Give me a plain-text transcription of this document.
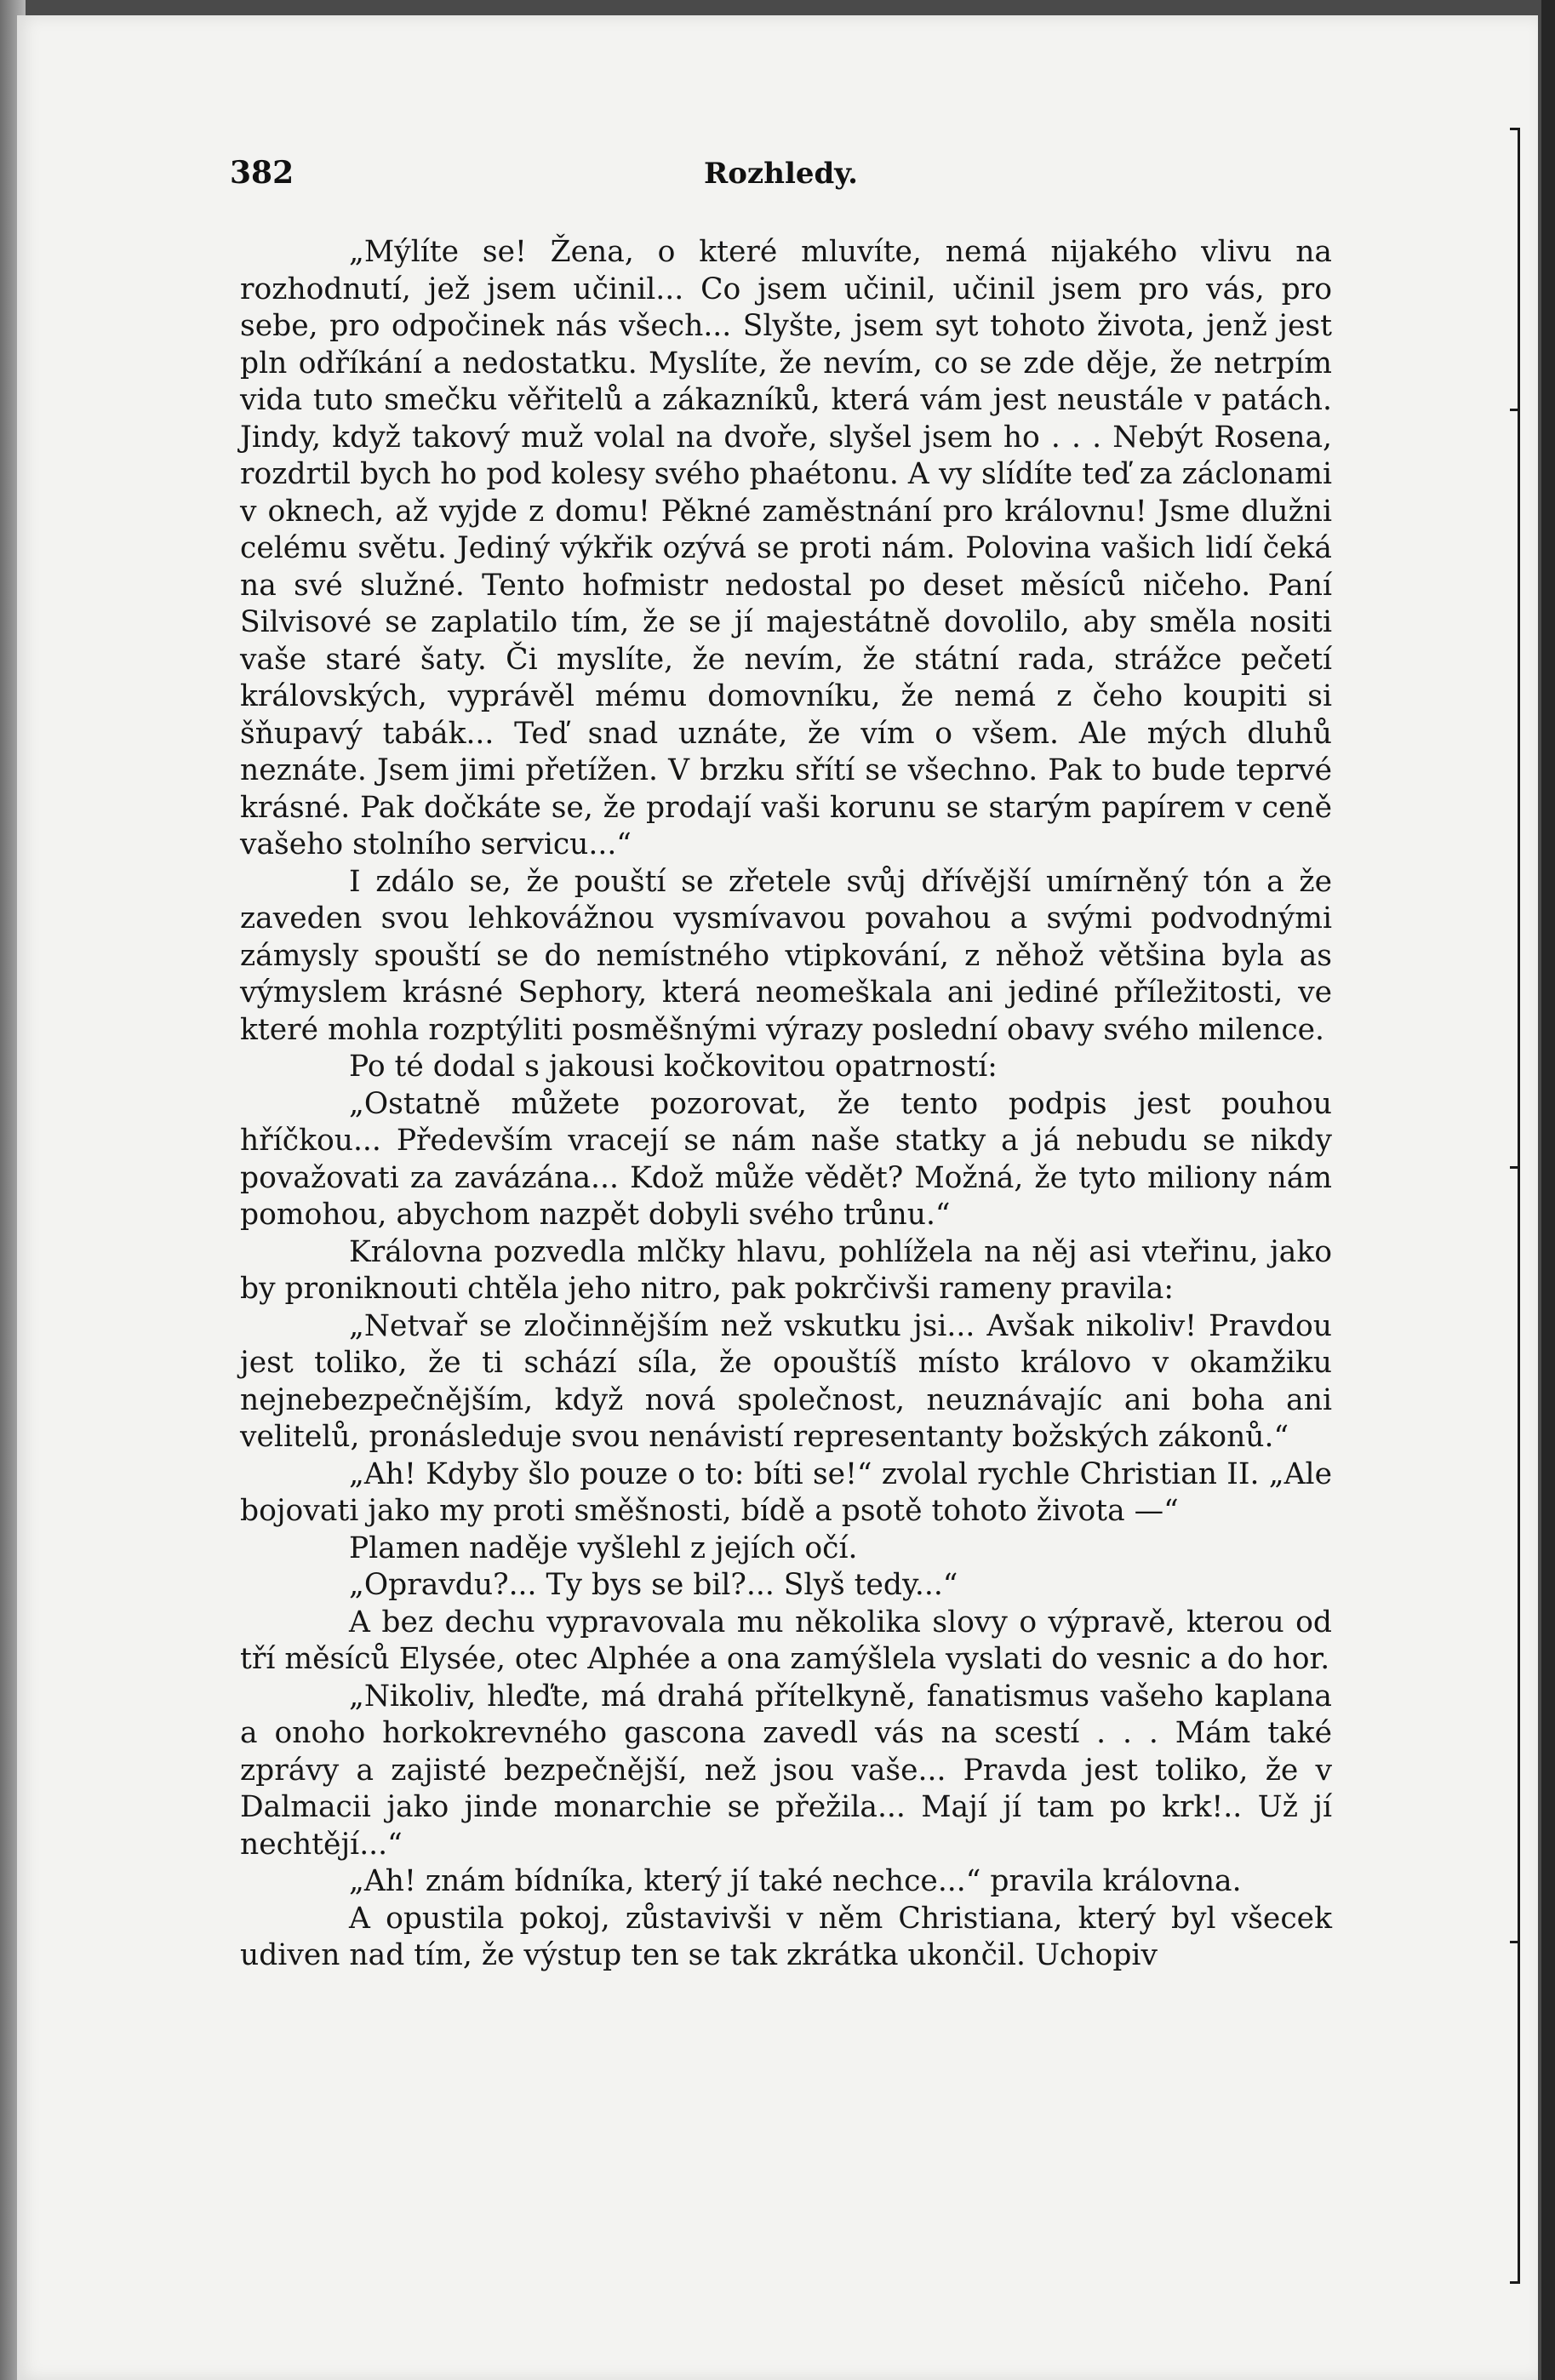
382	Rozhledy.

„Mýlíte se! Žena, o které mluvíte, nemá nijakého vlivu na rozhodnutí, jež jsem učinil... Co jsem učinil, učinil jsem pro vás, pro sebe, pro odpočinek nás všech... Slyšte, jsem syt tohoto života, jenž jest pln odříkání a nedostatku. Myslíte, že nevím, co se zde děje, že netrpím vida tuto smečku věřitelů a zákazníků, která vám jest neustále v patách. Jindy, když takový muž volal na dvoře, slyšel jsem ho . . . Nebýt Rosena, rozdrtil bych ho pod kolesy svého phaétonu. A vy slídíte teď za záclonami v oknech, až vyjde z domu! Pěkné zaměstnání pro královnu! Jsme dlužni celému světu. Jediný výkřik ozývá se proti nám. Polovina vašich lidí čeká na své služné. Tento hofmistr nedostal po deset měsíců ničeho. Paní Silvisové se zaplatilo tím, že se jí majestátně dovolilo, aby směla nositi vaše staré šaty. Či myslíte, že nevím, že státní rada, strážce pečetí královských, vyprávěl mému domovníku, že nemá z čeho koupiti si šňupavý tabák... Teď snad uznáte, že vím o všem. Ale mých dluhů neznáte. Jsem jimi přetížen. V brzku sřítí se všechno. Pak to bude teprvé krásné. Pak dočkáte se, že prodají vaši korunu se starým papírem v ceně vašeho stolního servicu...“

I zdálo se, že pouští se zřetele svůj dřívější umírněný tón a že zaveden svou lehkovážnou vysmívavou povahou a svými podvodnými zámysly spouští se do nemístného vtipkování, z něhož většina byla as výmyslem krásné Sephory, která neomeškala ani jediné příležitosti, ve které mohla rozptýliti posměšnými výrazy poslední obavy svého milence.

Po té dodal s jakousi kočkovitou opatrností:

„Ostatně můžete pozorovat, že tento podpis jest pouhou hříčkou... Především vracejí se nám naše statky a já nebudu se nikdy považovati za zavázána... Kdož může vědět? Možná, že tyto miliony nám pomohou, abychom nazpět dobyli svého trůnu.“

Královna pozvedla mlčky hlavu, pohlížela na něj asi vteřinu, jako by proniknouti chtěla jeho nitro, pak pokrčivši rameny pravila:

„Netvař se zločinnějším než vskutku jsi... Avšak nikoliv! Pravdou jest toliko, že ti schází síla, že opouštíš místo královo v okamžiku nejnebezpečnějším, když nová společnost, neuznávajíc ani boha ani velitelů, pronásleduje svou nenávistí representanty božských zákonů.“

„Ah! Kdyby šlo pouze o to: bíti se!“ zvolal rychle Christian II. „Ale bojovati jako my proti směšnosti, bídě a psotě tohoto života —“

Plamen naděje vyšlehl z jejích očí.

„Opravdu?... Ty bys se bil?... Slyš tedy...“

A bez dechu vypravovala mu několika slovy o výpravě, kterou od tří měsíců Elysée, otec Alphée a ona zamýšlela vyslati do vesnic a do hor.

„Nikoliv, hleďte, má drahá přítelkyně, fanatismus vašeho kaplana a onoho horkokrevného gascona zavedl vás na scestí . . . Mám také zprávy a zajisté bezpečnější, než jsou vaše... Pravda jest toliko, že v Dalmacii jako jinde monarchie se přežila... Mají jí tam po krk!.. Už jí nechtějí...“

„Ah! znám bídníka, který jí také nechce...“ pravila královna.

A opustila pokoj, zůstavivši v něm Christiana, který byl všecek udiven nad tím, že výstup ten se tak zkrátka ukončil. Uchopiv
